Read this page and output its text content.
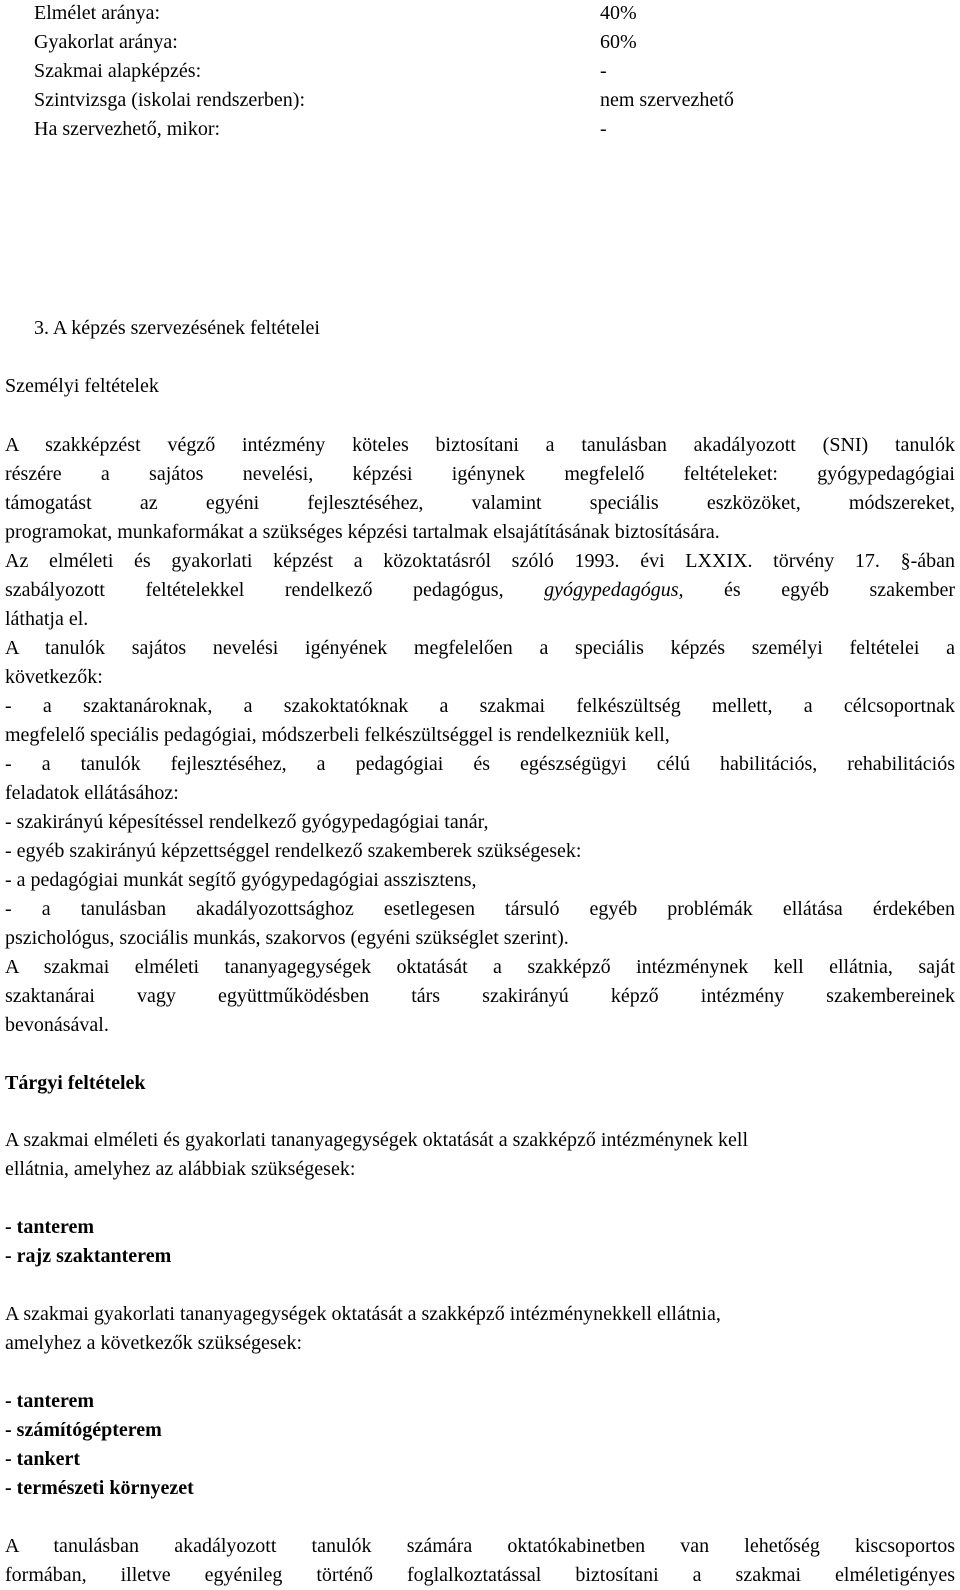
Elmélet aránya:	40%
Gyakorlat aránya:	60%
Szakmai alapképzés:	-
Szintvizsga (iskolai rendszerben):	nem szervezhető
Ha szervezhető, mikor:	-
3. A képzés szervezésének feltételei
Személyi feltételek
A szakképzést végző intézmény köteles biztosítani a tanulásban akadályozott (SNI) tanulók
részére a sajátos nevelési, képzési igénynek megfelelő feltételeket: gyógypedagógiai
támogatást az egyéni fejlesztéséhez, valamint speciális eszközöket, módszereket,
programokat, munkaformákat a szükséges képzési tartalmak elsajátításának biztosítására.
Az elméleti és gyakorlati képzést a közoktatásról szóló 1993. évi LXXIX. törvény 17. §-ában
szabályozott feltételekkel rendelkező pedagógus, gyógypedagógus, és egyéb szakember
láthatja el.
A tanulók sajátos nevelési igényének megfelelően a speciális képzés személyi feltételei a
következők:
- a szaktanároknak, a szakoktatóknak a szakmai felkészültség mellett, a célcsoportnak
megfelelő speciális pedagógiai, módszerbeli felkészültséggel is rendelkezniük kell,
- a tanulók fejlesztéséhez, a pedagógiai és egészségügyi célú habilitációs, rehabilitációs
feladatok ellátásához:
- szakirányú képesítéssel rendelkező gyógypedagógiai tanár,
- egyéb szakirányú képzettséggel rendelkező szakemberek szükségesek:
- a pedagógiai munkát segítő gyógypedagógiai asszisztens,
- a tanulásban akadályozottsághoz esetlegesen társuló egyéb problémák ellátása érdekében
pszichológus, szociális munkás, szakorvos (egyéni szükséglet szerint).
A szakmai elméleti tananyagegységek oktatását a szakképző intézménynek kell ellátnia, saját
szaktanárai vagy együttműködésben társ szakirányú képző intézmény szakembereinek
bevonásával.
Tárgyi feltételek
A szakmai elméleti és gyakorlati tananyagegységek oktatását a szakképző intézménynek kell
ellátnia, amelyhez az alábbiak szükségesek:
- tanterem
- rajz szaktanterem
A szakmai gyakorlati tananyagegységek oktatását a szakképző intézménynekkell ellátnia,
amelyhez a következők szükségesek:
- tanterem
- számítógépterem
- tankert
- természeti környezet
A tanulásban akadályozott tanulók számára oktatókabinetben van lehetőség kiscsoportos
formában, illetve egyénileg történő foglalkoztatással biztosítani a szakmai elméletigényes
